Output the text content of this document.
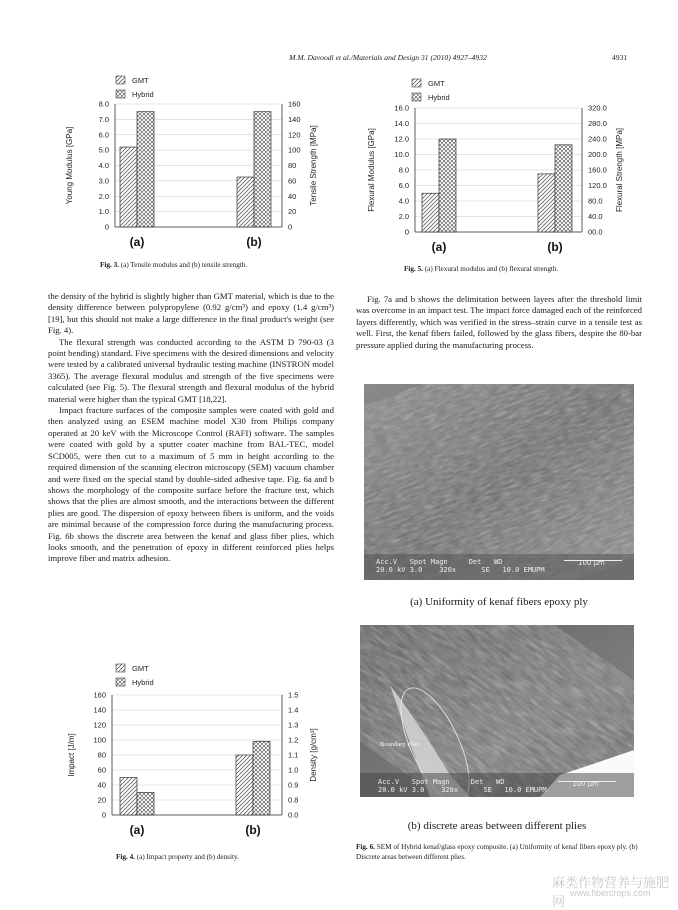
M.M. Davoodi et al./Materials and Design 31 (2010) 4927–4932	4931
GMT
Hybrid
8.0	160
7.0	140
6.0	120
5.0	100
4.0	80
3.0	60
2.0	40
1.0	20
0	0
Young Modulus [GPa]	Tensile Strength [MPa]
(a)	(b)
Fig. 3. (a) Tensile modulus and (b) tensile strength.
GMT
Hybrid
16.0	320.0
14.0	280.0
12.0	240.0
10.0	200.0
8.0	160.0
6.0	120.0
4.0	80.0
2.0	40.0
0	00.0
Flexural Modulus [GPa]	Flexural Strength [MPa]
(a)	(b)
Fig. 5. (a) Flexural modulus and (b) flexural strength.

the density of the hybrid is slightly higher than GMT material, which is due to the density difference between polypropylene (0.92 g/cm³) and epoxy (1.4 g/cm³) [19], but this should not make a large difference in the final product's weight (see Fig. 4).

The flexural strength was conducted according to the ASTM D 790-03 (3 point bending) standard. Five specimens with the desired dimensions and velocity were tested by a calibrated universal hydraulic testing machine (INSTRON model 3365). The average flexural modulus and strength of the five specimens were calculated (see Fig. 5). The flexural strength and flexural modulus of the hybrid material were higher than the typical GMT [18,22].

Impact fracture surfaces of the composite samples were coated with gold and then analyzed using an ESEM machine model X30 from Philips company operated at 20 keV with the Microscope Control (RAFI) software. The samples were coated with gold by a sputter coater machine from BAL-TEC, model SCD005, were then cut to a maximum of 5 mm in height according to the required dimension of the scanning electron microscopy (SEM) vacuum chamber and were fixed on the special stand by double-sided adhesive tape. Fig. 6a and b shows the morphology of the composite surface before the fracture test, which shows that the plies are almost smooth, and the interactions between the different plies are good. The dispersion of epoxy between fibers is uniform, and the voids are minimal because of the compression force during the manufacturing process. Fig. 6b shows the discrete area between the kenaf and glass fiber plies, which looks smooth, and the penetration of epoxy in different reinforced plies helps improve fiber and matrix adhesion.

Fig. 7a and b shows the delimitation between layers after the threshold limit was overcome in an impact test. The impact force damaged each of the reinforced layers differently, which was verified in the stress–strain curve in a tensile test as well. First, the kenaf fibers failed, followed by the glass fibers, despite the 80-bar pressure applied during the manufacturing process.

GMT
Hybrid
160	1.5
140	1.4
120	1.3
100	1.2
80	1.1
60	1.0
40	0.9
20	0.8
0	0.0
Impact [J/m]	Density [g/cm³]
(a)	(b)
Fig. 4. (a) Impact property and (b) density.
Acc.V   Spot Magn     Det   WD
20.0 kV 3.0    320x      SE   10.0 EMUPM
100 µm
(a) Uniformity of kenaf fibers epoxy ply
Boundary Plies
Acc.V   Spot Magn     Det   WD
20.0 kV 3.0    320x      SE   10.0 EMUPM
100 µm
(b) discrete areas between different plies
Fig. 6. SEM of Hybrid kenaf/glass epoxy composite. (a) Uniformity of kenaf fibers epoxy ply. (b) Discrete areas between different plies.
麻类作物营养与施肥网
www.fibercrops.com
